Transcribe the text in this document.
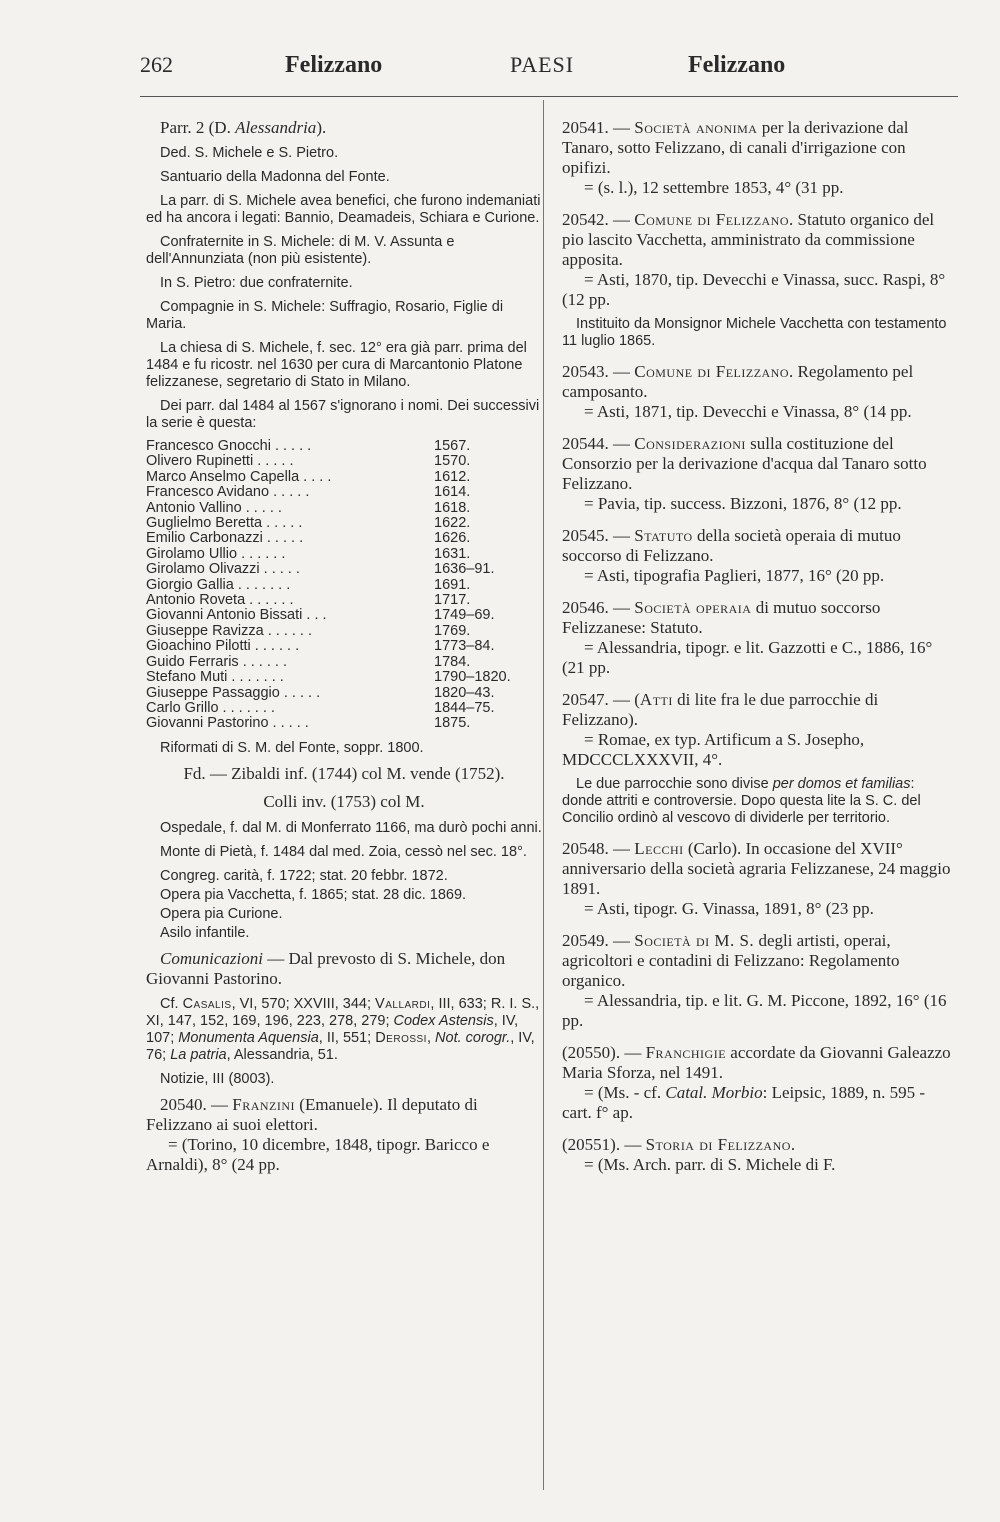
262	Felizzano	PAESI	Felizzano

Parr. 2 (D. Alessandria).

Ded. S. Michele e S. Pietro.

Santuario della Madonna del Fonte.

La parr. di S. Michele avea benefici, che furono indemaniati ed ha ancora i legati: Bannio, Deamadeis, Schiara e Curione.

Confraternite in S. Michele: di M. V. Assunta e dell'Annunziata (non più esistente).

In S. Pietro: due confraternite.

Compagnie in S. Michele: Suffragio, Rosario, Figlie di Maria.

La chiesa di S. Michele, f. sec. 12° era già parr. prima del 1484 e fu ricostr. nel 1630 per cura di Marcantonio Platone felizzanese, segretario di Stato in Milano.

Dei parr. dal 1484 al 1567 s'ignorano i nomi. Dei successivi la serie è questa:

Francesco Gnocchi . . . . .	1567.
Olivero Rupinetti . . . . .	1570.
Marco Anselmo Capella . . . .	1612.
Francesco Avidano . . . . .	1614.
Antonio Vallino . . . . .	1618.
Guglielmo Beretta . . . . .	1622.
Emilio Carbonazzi . . . . .	1626.
Girolamo Ullio . . . . . .	1631.
Girolamo Olivazzi . . . . .	1636–91.
Giorgio Gallia . . . . . . .	1691.
Antonio Roveta . . . . . .	1717.
Giovanni Antonio Bissati . . .	1749–69.
Giuseppe Ravizza . . . . . .	1769.
Gioachino Pilotti . . . . . .	1773–84.
Guido Ferraris . . . . . .	1784.
Stefano Muti . . . . . . .	1790–1820.
Giuseppe Passaggio . . . . .	1820–43.
Carlo Grillo . . . . . . .	1844–75.
Giovanni Pastorino . . . . .	1875.

Riformati di S. M. del Fonte, soppr. 1800.

Fd. — Zibaldi inf. (1744) col M. vende (1752).

Colli inv. (1753) col M.

Ospedale, f. dal M. di Monferrato 1166, ma durò pochi anni.

Monte di Pietà, f. 1484 dal med. Zoia, cessò nel sec. 18°.

Congreg. carità, f. 1722; stat. 20 febbr. 1872.

Opera pia Vacchetta, f. 1865; stat. 28 dic. 1869.

Opera pia Curione.

Asilo infantile.

Comunicazioni — Dal prevosto di S. Michele, don Giovanni Pastorino.

Cf. Casalis, VI, 570; XXVIII, 344; Vallardi, III, 633; R. I. S., XI, 147, 152, 169, 196, 223, 278, 279; Codex Astensis, IV, 107; Monumenta Aquensia, II, 551; Derossi, Not. corogr., IV, 76; La patria, Alessandria, 51.

Notizie, III (8003).

20540. — Franzini (Emanuele). Il deputato di Felizzano ai suoi elettori.
= (Torino, 10 dicembre, 1848, tipogr. Baricco e Arnaldi), 8° (24 pp.
20541. — Società anonima per la derivazione dal Tanaro, sotto Felizzano, di canali d'irrigazione con opifizi.
= (s. l.), 12 settembre 1853, 4° (31 pp.
20542. — Comune di Felizzano. Statuto organico del pio lascito Vacchetta, amministrato da commissione apposita.
= Asti, 1870, tip. Devecchi e Vinassa, succ. Raspi, 8° (12 pp.

Instituito da Monsignor Michele Vacchetta con testamento 11 luglio 1865.

20543. — Comune di Felizzano. Regolamento pel camposanto.
= Asti, 1871, tip. Devecchi e Vinassa, 8° (14 pp.
20544. — Considerazioni sulla costituzione del Consorzio per la derivazione d'acqua dal Tanaro sotto Felizzano.
= Pavia, tip. success. Bizzoni, 1876, 8° (12 pp.
20545. — Statuto della società operaia di mutuo soccorso di Felizzano.
= Asti, tipografia Paglieri, 1877, 16° (20 pp.
20546. — Società operaia di mutuo soccorso Felizzanese: Statuto.
= Alessandria, tipogr. e lit. Gazzotti e C., 1886, 16° (21 pp.
20547. — (Atti di lite fra le due parrocchie di Felizzano).
= Romae, ex typ. Artificum a S. Josepho, MDCCCLXXXVII, 4°.

Le due parrocchie sono divise per domos et familias: donde attriti e controversie. Dopo questa lite la S. C. del Concilio ordinò al vescovo di dividerle per territorio.

20548. — Lecchi (Carlo). In occasione del XVII° anniversario della società agraria Felizzanese, 24 maggio 1891.
= Asti, tipogr. G. Vinassa, 1891, 8° (23 pp.
20549. — Società di M. S. degli artisti, operai, agricoltori e contadini di Felizzano: Regolamento organico.
= Alessandria, tip. e lit. G. M. Piccone, 1892, 16° (16 pp.
(20550). — Franchigie accordate da Giovanni Galeazzo Maria Sforza, nel 1491.
= (Ms. - cf. Catal. Morbio: Leipsic, 1889, n. 595 - cart. f° ap.
(20551). — Storia di Felizzano.
= (Ms. Arch. parr. di S. Michele di F.
